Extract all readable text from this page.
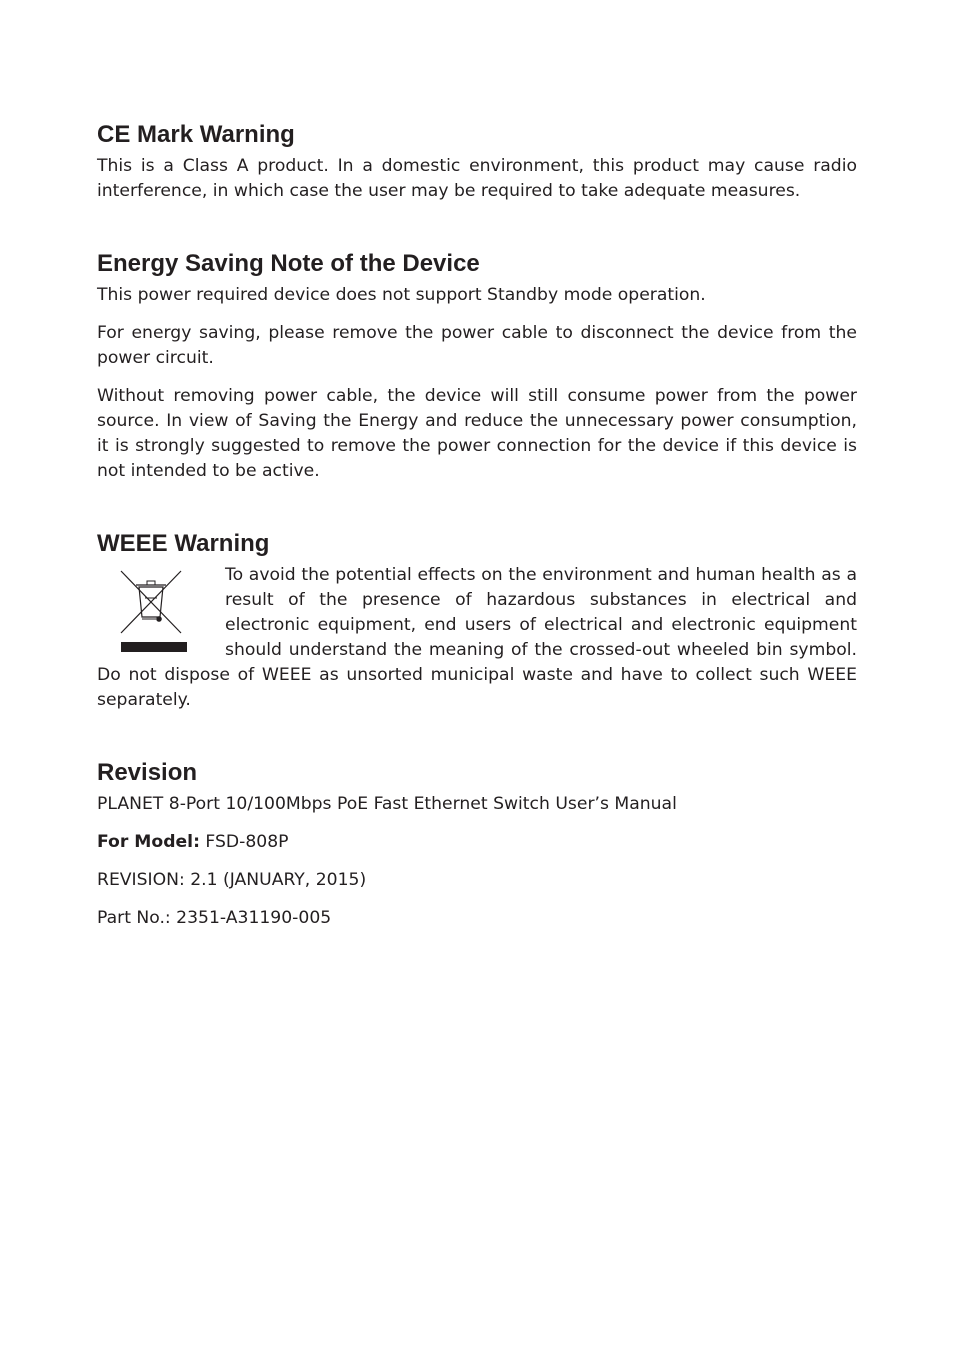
CE Mark Warning

This is a Class A product. In a domestic environment, this product may cause radio interference, in which case the user may be required to take adequate measures.

Energy Saving Note of the Device

This power required device does not support Standby mode operation.

For energy saving, please remove the power cable to disconnect the device from the power circuit.

Without removing power cable, the device will still consume power from the power source. In view of Saving the Energy and reduce the unnecessary power consumption, it is strongly suggested to remove the power connection for the device if this device is not intended to be active.

WEEE Warning

To avoid the potential effects on the environment and human health as a result of the presence of hazardous substances in electrical and electronic equipment, end users of electrical and electronic equipment should understand the meaning of the crossed-out wheeled bin symbol. Do not dispose of WEEE as unsorted municipal waste and have to collect such WEEE separately.

Revision

PLANET 8-Port 10/100Mbps PoE Fast Ethernet Switch User’s Manual

For Model: FSD-808P

REVISION: 2.1 (JANUARY, 2015)

Part No.: 2351-A31190-005
